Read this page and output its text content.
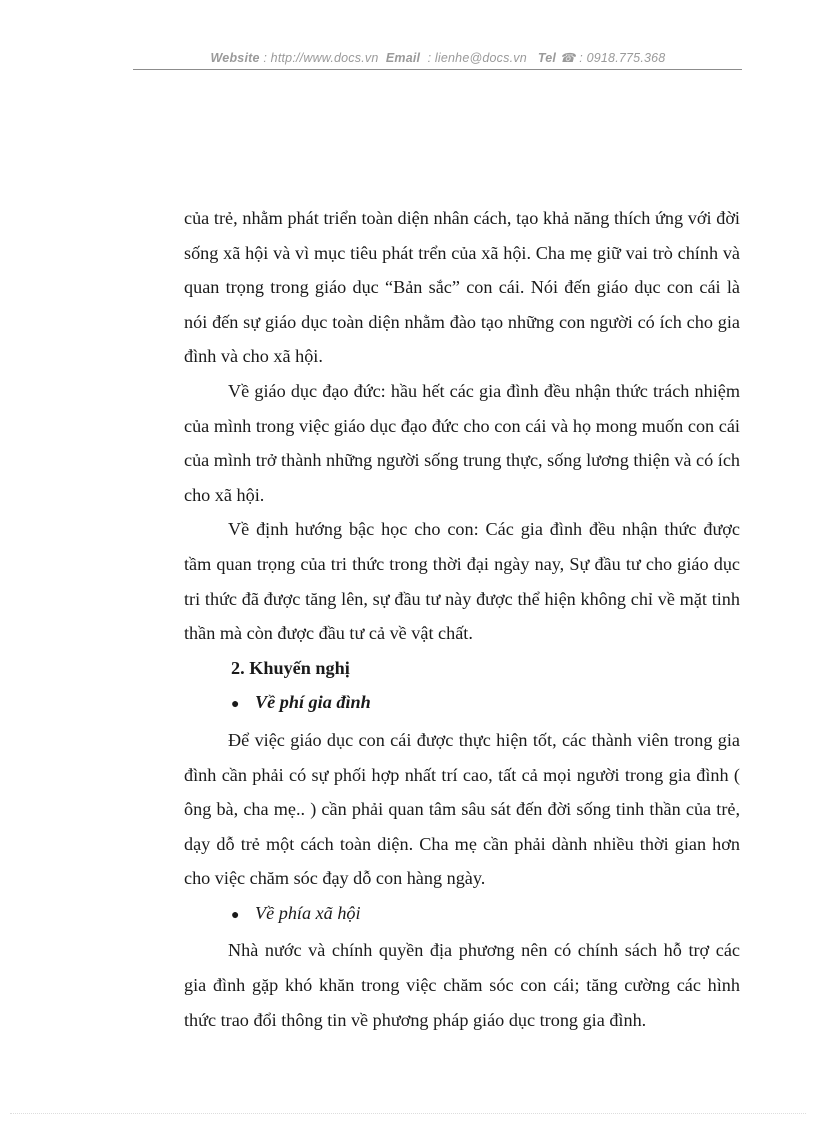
Website : http://www.docs.vn Email : lienhe@docs.vn Tel ☎ : 0918.775.368

của trẻ, nhằm phát triển toàn diện nhân cách, tạo khả năng thích ứng với đời sống xã hội và vì mục tiêu phát trển của xã hội. Cha mẹ giữ vai trò chính và quan trọng trong giáo dục “Bản sắc” con cái. Nói đến giáo dục con cái là nói đến sự giáo dục toàn diện nhằm đào tạo những con người có ích cho gia đình và cho xã hội.

Về giáo dục đạo đức: hầu hết các gia đình đều nhận thức trách nhiệm của mình trong việc giáo dục đạo đức cho con cái và họ mong muốn con cái của mình trở thành những người sống trung thực, sống lương thiện và có ích cho xã hội.

Về định hướng bậc học cho con: Các gia đình đều nhận thức được tầm quan trọng của tri thức trong thời đại ngày nay, Sự đầu tư cho giáo dục tri thức đã được tăng lên, sự đầu tư này được thể hiện không chỉ về mặt tinh thần mà còn được đầu tư cả về vật chất.

2. Khuyến nghị

● Về phí gia đình

Để việc giáo dục con cái được thực hiện tốt, các thành viên trong gia đình cần phải có sự phối hợp nhất trí cao, tất cả mọi người trong gia đình ( ông bà, cha mẹ.. ) cần phải quan tâm sâu sát đến đời sống tinh thần của trẻ, dạy dỗ trẻ một cách toàn diện. Cha mẹ cần phải dành nhiều thời gian hơn cho việc chăm sóc đạy dỗ con hàng ngày.

● Về phía xã hội

Nhà nước và chính quyền địa phương nên có chính sách hỗ trợ các gia đình gặp khó khăn trong việc chăm sóc con cái; tăng cường các hình thức trao đổi thông tin về phương pháp giáo dục trong gia đình.
